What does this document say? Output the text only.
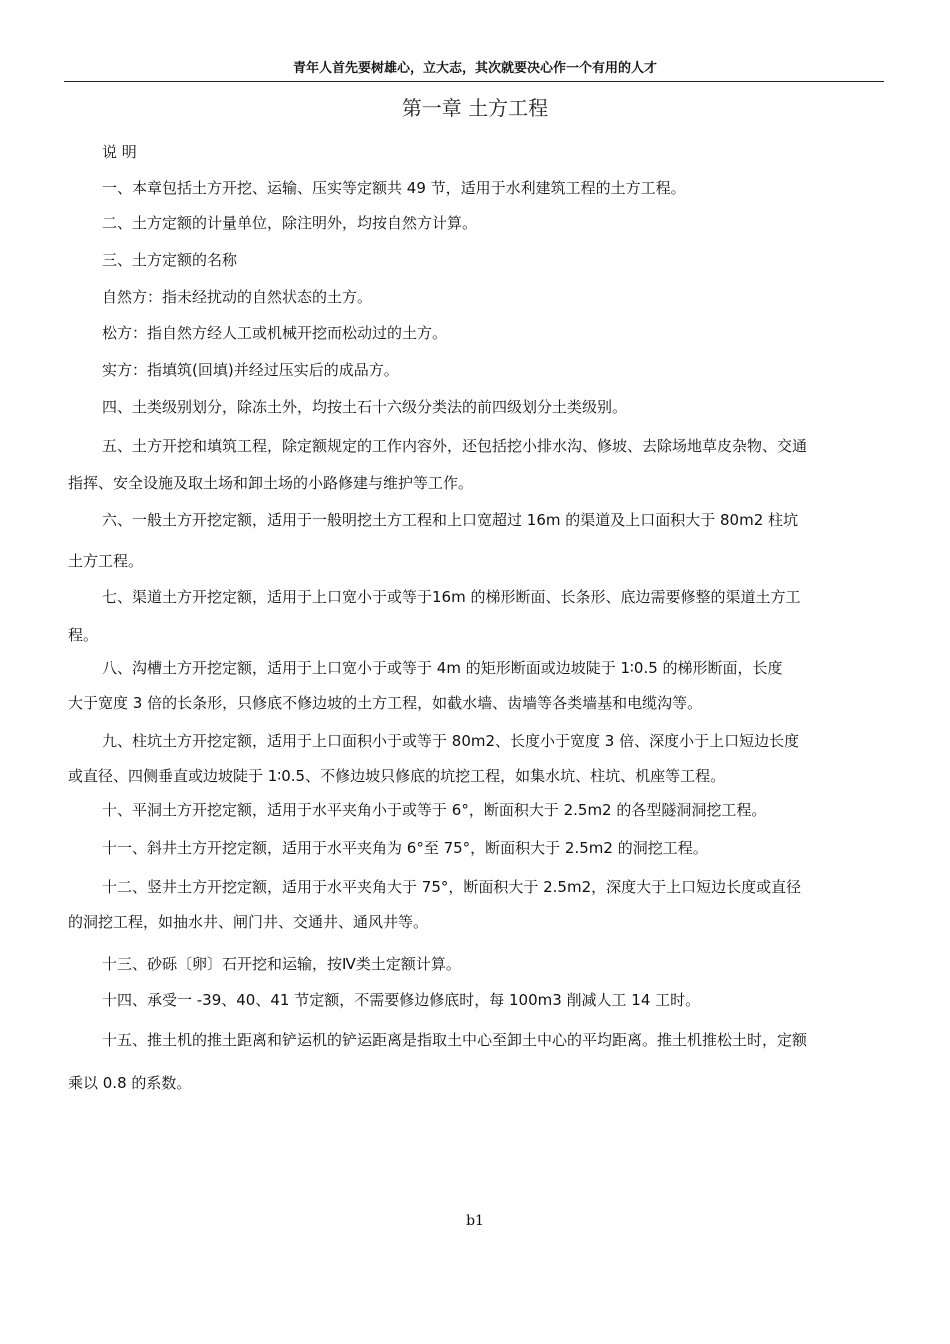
青年人首先要树雄心，立大志，其次就要决心作一个有用的人才
第一章 土方工程
说 明
一、本章包括土方开挖、运输、压实等定额共 49 节，适用于水利建筑工程的土方工程。
二、土方定额的计量单位，除注明外，均按自然方计算。
三、土方定额的名称
自然方：指未经扰动的自然状态的土方。
松方：指自然方经人工或机械开挖而松动过的土方。
实方：指填筑(回填)并经过压实后的成品方。
四、土类级别划分，除冻土外，均按土石十六级分类法的前四级划分土类级别。
五、土方开挖和填筑工程，除定额规定的工作内容外，还包括挖小排水沟、修坡、去除场地草皮杂物、交通
指挥、安全设施及取土场和卸土场的小路修建与维护等工作。
六、一般土方开挖定额，适用于一般明挖土方工程和上口宽超过 16m 的渠道及上口面积大于 80m2 柱坑
土方工程。
七、渠道土方开挖定额，适用于上口宽小于或等于16m 的梯形断面、长条形、底边需要修整的渠道土方工
程。
八、沟槽土方开挖定额，适用于上口宽小于或等于 4m 的矩形断面或边坡陡于 1∶0.5 的梯形断面，长度
大于宽度 3 倍的长条形，只修底不修边坡的土方工程，如截水墙、齿墙等各类墙基和电缆沟等。
九、柱坑土方开挖定额，适用于上口面积小于或等于 80m2、长度小于宽度 3 倍、深度小于上口短边长度
或直径、四侧垂直或边坡陡于 1∶0.5、不修边坡只修底的坑挖工程，如集水坑、柱坑、机座等工程。
十、平洞土方开挖定额，适用于水平夹角小于或等于 6°，断面积大于 2.5m2 的各型隧洞洞挖工程。
十一、斜井土方开挖定额，适用于水平夹角为 6°至 75°，断面积大于 2.5m2 的洞挖工程。
十二、竖井土方开挖定额，适用于水平夹角大于 75°，断面积大于 2.5m2，深度大于上口短边长度或直径
的洞挖工程，如抽水井、闸门井、交通井、通风井等。
十三、砂砾〔卵〕石开挖和运输，按Ⅳ类土定额计算。
十四、承受一 -39、40、41 节定额，不需要修边修底时，每 100m3 削减人工 14 工时。
十五、推土机的推土距离和铲运机的铲运距离是指取土中心至卸土中心的平均距离。推土机推松土时，定额
乘以 0.8 的系数。
b1
